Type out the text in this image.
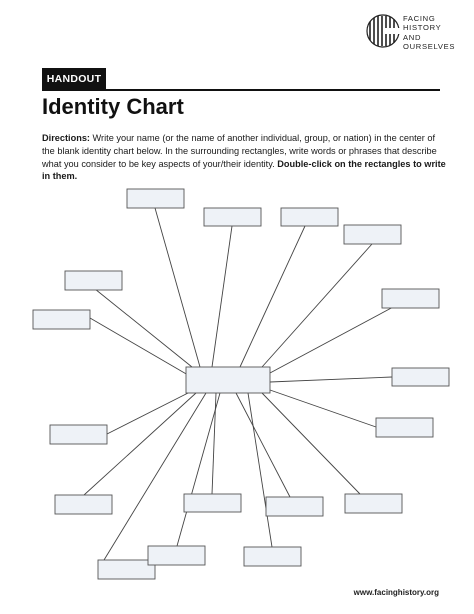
FACING
HISTORY
AND
OURSELVES
HANDOUT
Identity Chart
Directions: Write your name (or the name of another individual, group, or nation) in the center of the blank identity chart below. In the surrounding rectangles, write words or phrases that describe what you consider to be key aspects of your/their identity. Double-click on the rectangles to write in them.
www.facinghistory.org
